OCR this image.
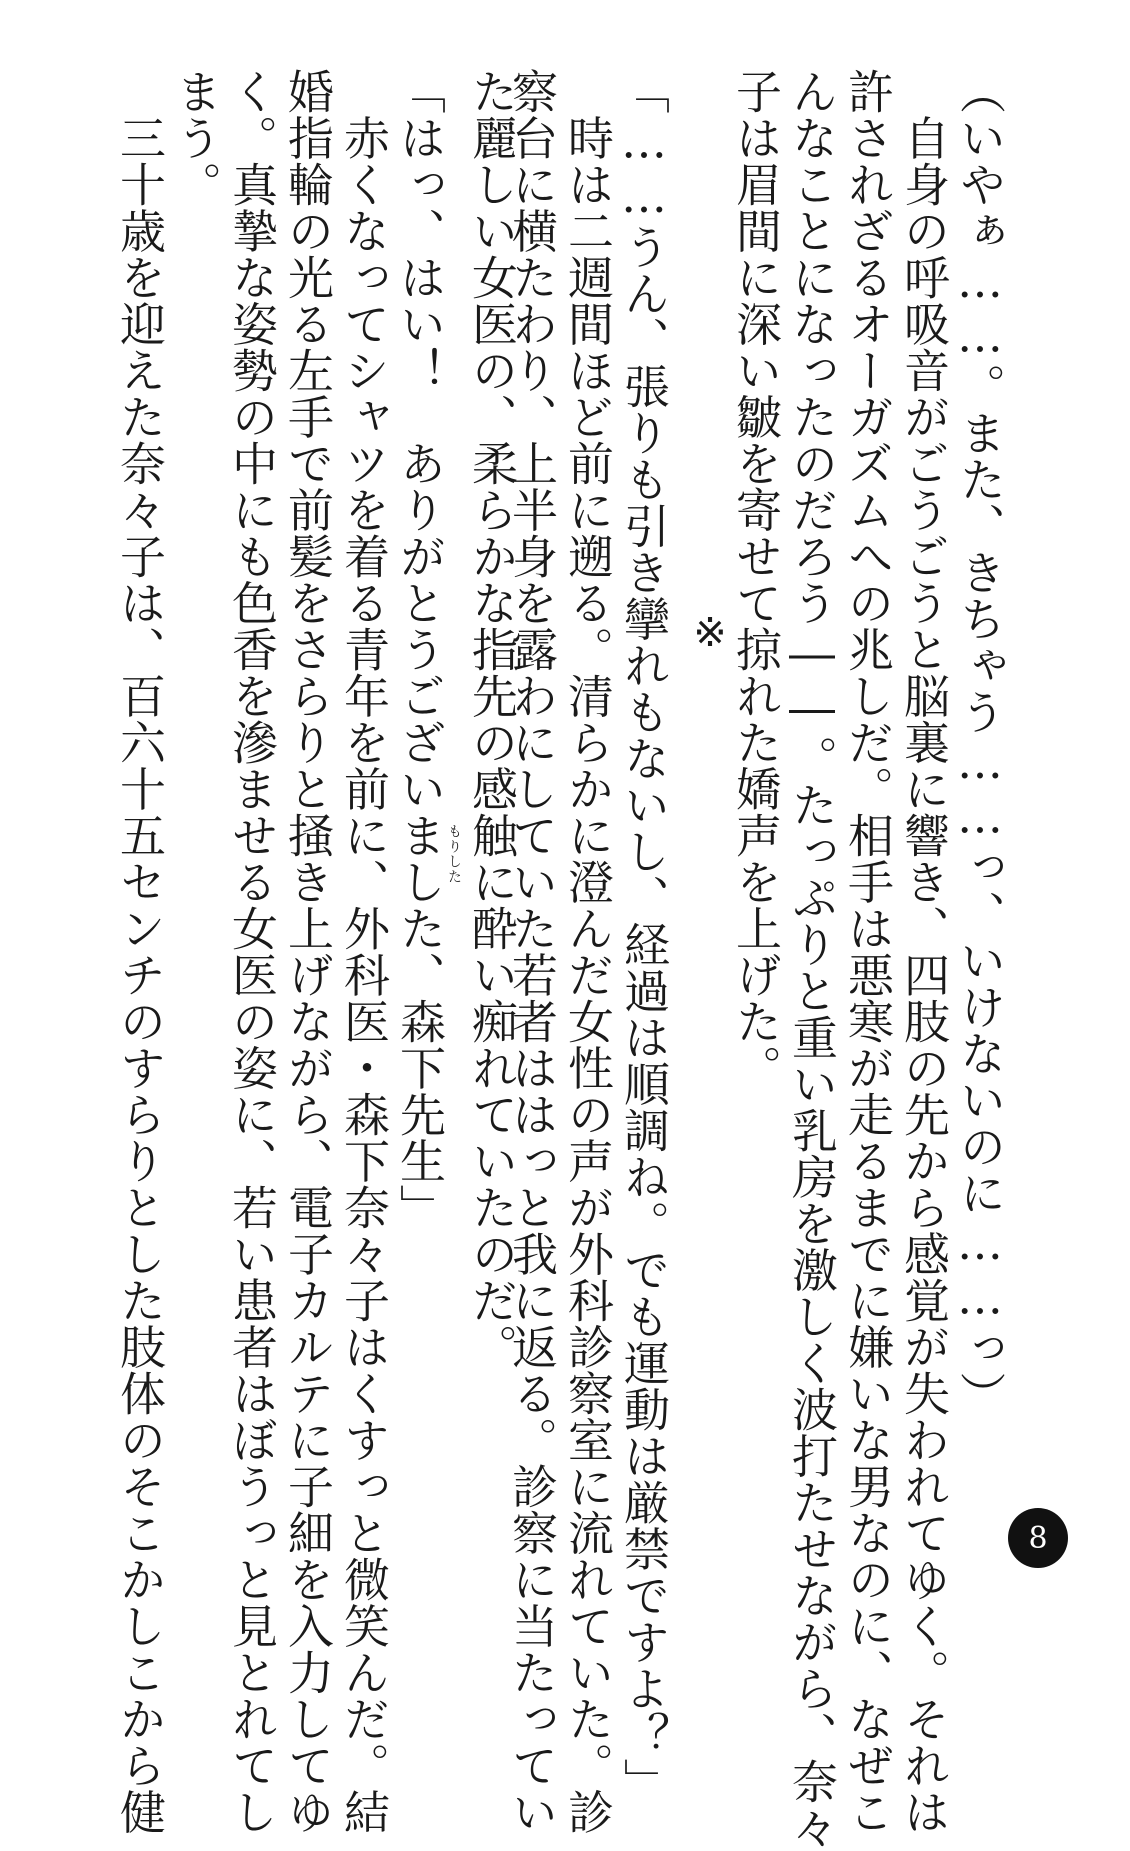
（いやぁ……。また、きちゃう……っ、いけないのに……っ）
　自身の呼吸音がごうごうと脳裏に響き、四肢の先から感覚が失われてゆく。それは
許されざるオーガズムへの兆しだ。相手は悪寒が走るまでに嫌いな男なのに、なぜこ
んなことになったのだろう――。たっぷりと重い乳房を激しく波打たせながら、奈々
子は眉間に深い皺を寄せて掠れた嬌声を上げた。
※
「……うん、張りも引き攣れもないし、経過は順調ね。でも運動は厳禁ですよ？」
　時は二週間ほど前に遡る。清らかに澄んだ女性の声が外科診察室に流れていた。診
察台に横たわり、上半身を露わにしていた若者ははっと我に返る。診察に当たってい
た麗しい女医の、柔らかな指先の感触に酔い痴れていたのだ。
もりした
「はっ、はい！　ありがとうございました、森下先生」
　赤くなってシャツを着る青年を前に、外科医・森下奈々子はくすっと微笑んだ。結
婚指輪の光る左手で前髪をさらりと掻き上げながら、電子カルテに子細を入力してゆ
く。真摯な姿勢の中にも色香を滲ませる女医の姿に、若い患者はぼうっと見とれてし
まう。
　三十歳を迎えた奈々子は、百六十五センチのすらりとした肢体のそこかしこから健	8
